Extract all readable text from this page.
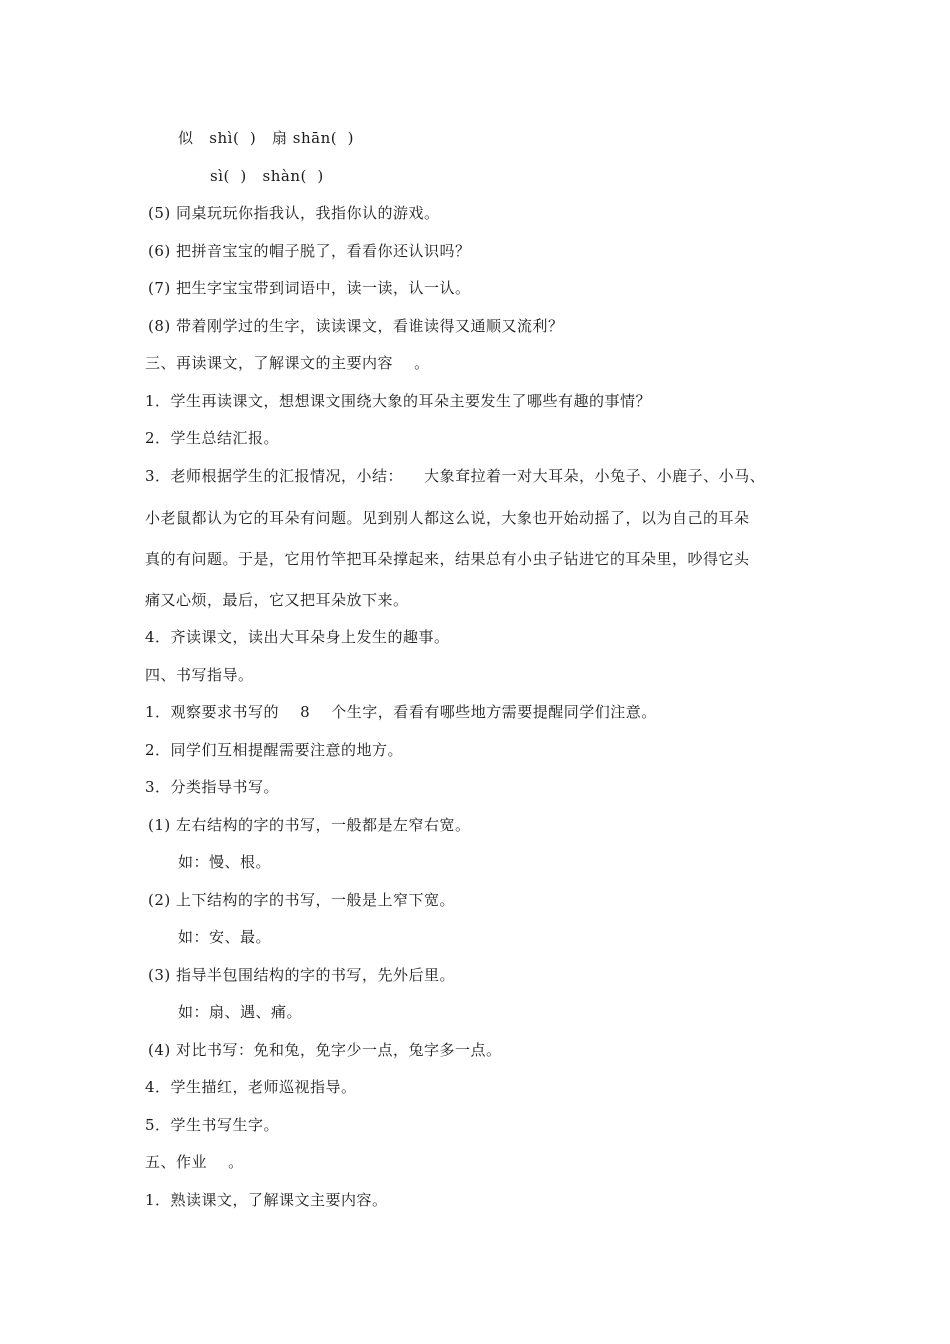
似   shì(  )   扇 shān(  )
sì(  )   shàn(  )
(5) 同桌玩玩你指我认，我指你认的游戏。
(6) 把拼音宝宝的帽子脱了，看看你还认识吗？
(7) 把生字宝宝带到词语中，读一读，认一认。
(8) 带着刚学过的生字，读读课文，看谁读得又通顺又流利？
三、再读课文，了解课文的主要内容    。
1．学生再读课文，想想课文围绕大象的耳朵主要发生了哪些有趣的事情？
2．学生总结汇报。
3．老师根据学生的汇报情况，小结：    大象耷拉着一对大耳朵，小兔子、小鹿子、小马、
小老鼠都认为它的耳朵有问题。见到别人都这么说，大象也开始动摇了，以为自己的耳朵
真的有问题。于是，它用竹竿把耳朵撑起来，结果总有小虫子钻进它的耳朵里，吵得它头
痛又心烦，最后，它又把耳朵放下来。
4．齐读课文，读出大耳朵身上发生的趣事。
四、书写指导。
1．观察要求书写的    8    个生字，看看有哪些地方需要提醒同学们注意。
2．同学们互相提醒需要注意的地方。
3．分类指导书写。
(1) 左右结构的字的书写，一般都是左窄右宽。
如：慢、根。
(2) 上下结构的字的书写，一般是上窄下宽。
如：安、最。
(3) 指导半包围结构的字的书写，先外后里。
如：扇、遇、痛。
(4) 对比书写：免和兔，免字少一点，兔字多一点。
4．学生描红，老师巡视指导。
5．学生书写生字。
五、作业    。
1．熟读课文，了解课文主要内容。
